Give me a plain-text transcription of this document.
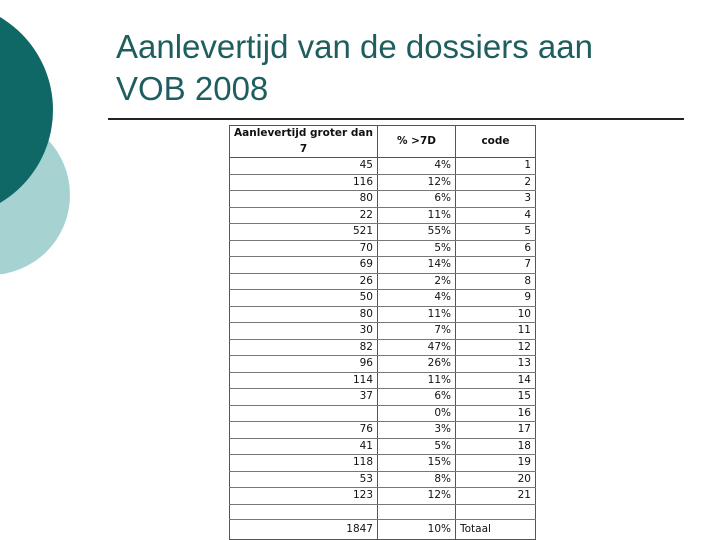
Aanlevertijd van de dossiers aan
VOB 2008
Aanlevertijd groter dan 7	% >7D	code
45	4%	1
116	12%	2
80	6%	3
22	11%	4
521	55%	5
70	5%	6
69	14%	7
26	2%	8
50	4%	9
80	11%	10
30	7%	11
82	47%	12
96	26%	13
114	11%	14
37	6%	15
	0%	16
76	3%	17
41	5%	18
118	15%	19
53	8%	20
123	12%	21

1847	10%	Totaal
